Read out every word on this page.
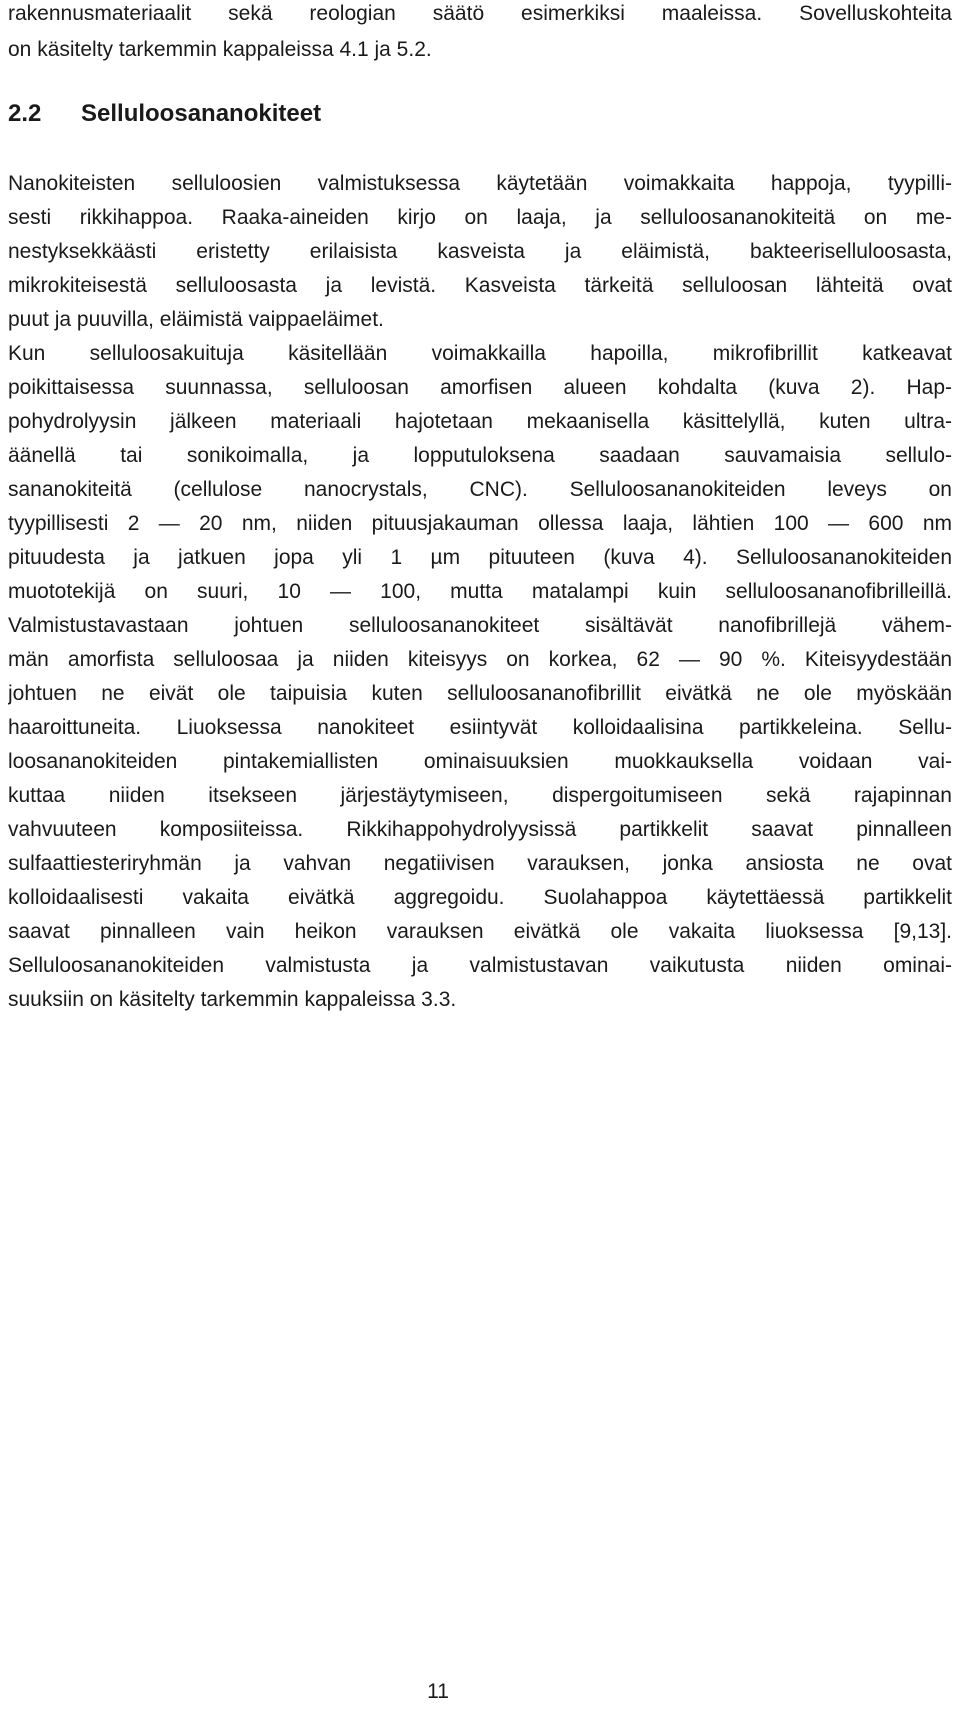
rakennusmateriaalit sekä reologian säätö esimerkiksi maaleissa. Sovelluskohteita
on käsitelty tarkemmin kappaleissa 4.1 ja 5.2.
2.2 Selluloosananokiteet
Nanokiteisten selluloosien valmistuksessa käytetään voimakkaita happoja, tyypilli-
sesti rikkihappoa. Raaka-aineiden kirjo on laaja, ja selluloosananokiteitä on me-
nestyksekkäästi eristetty erilaisista kasveista ja eläimistä, bakteeriselluloosasta,
mikrokiteisestä selluloosasta ja levistä. Kasveista tärkeitä selluloosan lähteitä ovat
puut ja puuvilla, eläimistä vaippaeläimet.
Kun selluloosakuituja käsitellään voimakkailla hapoilla, mikrofibrillit katkeavat
poikittaisessa suunnassa, selluloosan amorfisen alueen kohdalta (kuva 2). Hap-
pohydrolyysin jälkeen materiaali hajotetaan mekaanisella käsittelyllä, kuten ultra-
äänellä tai sonikoimalla, ja lopputuloksena saadaan sauvamaisia sellulo-
sananokiteitä (cellulose nanocrystals, CNC). Selluloosananokiteiden leveys on
tyypillisesti 2 — 20 nm, niiden pituusjakauman ollessa laaja, lähtien 100 — 600 nm
pituudesta ja jatkuen jopa yli 1 µm pituuteen (kuva 4). Selluloosananokiteiden
muototekijä on suuri, 10 — 100, mutta matalampi kuin selluloosananofibrilleillä.
Valmistustavastaan johtuen selluloosananokiteet sisältävät nanofibrillejä vähem-
män amorfista selluloosaa ja niiden kiteisyys on korkea, 62 — 90 %. Kiteisyydestään
johtuen ne eivät ole taipuisia kuten selluloosananofibrillit eivätkä ne ole myöskään
haaroittuneita. Liuoksessa nanokiteet esiintyvät kolloidaalisina partikkeleina. Sellu-
loosananokiteiden pintakemiallisten ominaisuuksien muokkauksella voidaan vai-
kuttaa niiden itsekseen järjestäytymiseen, dispergoitumiseen sekä rajapinnan
vahvuuteen komposiiteissa. Rikkihappohydrolyysissä partikkelit saavat pinnalleen
sulfaattiesteriryhmän ja vahvan negatiivisen varauksen, jonka ansiosta ne ovat
kolloidaalisesti vakaita eivätkä aggregoidu. Suolahappoa käytettäessä partikkelit
saavat pinnalleen vain heikon varauksen eivätkä ole vakaita liuoksessa [9,13].
Selluloosananokiteiden valmistusta ja valmistustavan vaikutusta niiden ominai-
suuksiin on käsitelty tarkemmin kappaleissa 3.3.
11
